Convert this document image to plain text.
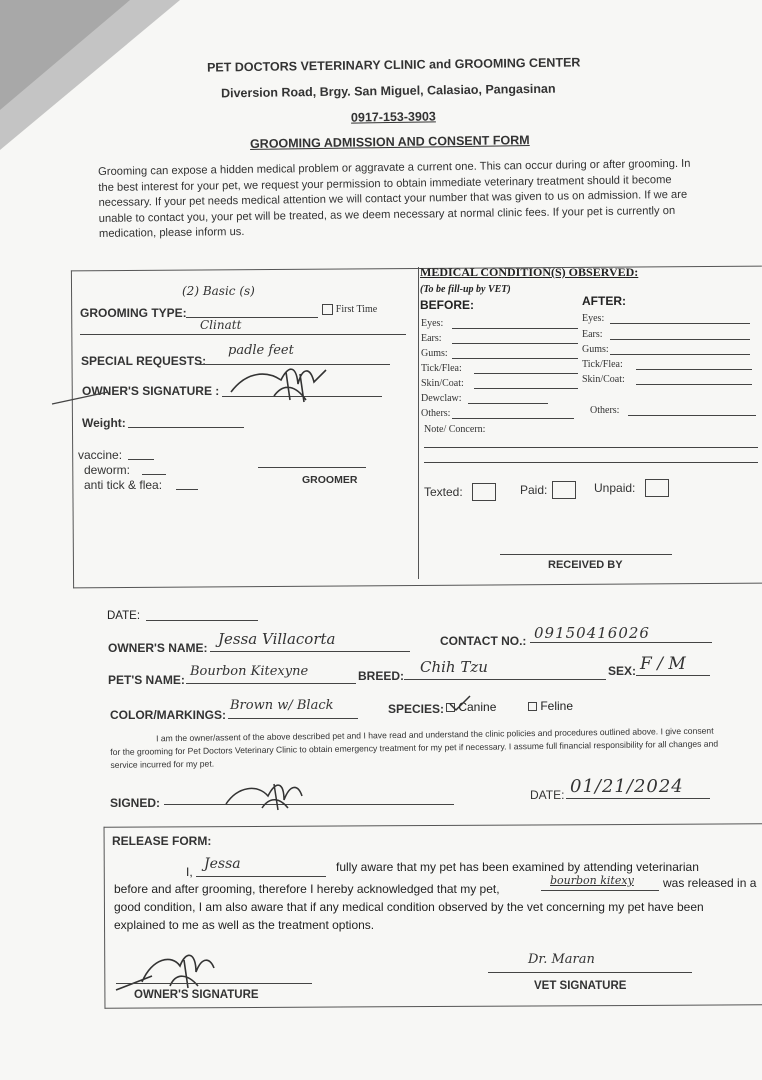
PET DOCTORS VETERINARY CLINIC and GROOMING CENTER
Diversion Road, Brgy. San Miguel, Calasiao, Pangasinan
0917-153-3903
GROOMING ADMISSION AND CONSENT FORM
Grooming can expose a hidden medical problem or aggravate a current one. This can occur during or after grooming. In the best interest for your pet, we request your permission to obtain immediate veterinary treatment should it become necessary. If your pet needs medical attention we will contact your number that was given to us on admission. If we are unable to contact you, your pet will be treated, as we deem necessary at normal clinic fees. If your pet is currently on medication, please inform us.
GROOMING TYPE:
(2) Basic (s)
First Time
Clinatt
SPECIAL REQUESTS:
padle feet
OWNER'S SIGNATURE :
Weight:
vaccine:
deworm:
anti tick & flea:	GROOMER
MEDICAL CONDITION(S) OBSERVED:
(To be fill-up by VET)
BEFORE:	AFTER:
Eyes:
Ears:
Gums:
Tick/Flea:
Skin/Coat:
Dewclaw:
Others:
Eyes:
Ears:
Gums:
Tick/Flea:
Skin/Coat:
Others:
Note/ Concern:
Texted:	Paid:	Unpaid:
RECEIVED BY
DATE:
OWNER'S NAME: Jessa Villacorta	CONTACT NO.: 09150416026
PET'S NAME:
Bourbon Kitexyne	BREED: Chih Tzu	SEX: F / M
COLOR/MARKINGS:
Brown w/ Black	SPECIES:	Canine	Feline
I am the owner/assent of the above described pet and I have read and understand the clinic policies and procedures outlined above. I give consent for the grooming for Pet Doctors Veterinary Clinic to obtain emergency treatment for my pet if necessary. I assume full financial responsibility for all changes and service incurred for my pet.
SIGNED:
DATE: 01/21/2024
RELEASE FORM:
I, Jessa	fully aware that my pet has been examined by attending veterinarian
before and after grooming, therefore I hereby acknowledged that my pet,
bourbon kitexy was released in a
good condition, I am also aware that if any medical condition observed by the vet concerning my pet have been
explained to me as well as the treatment options.
OWNER'S SIGNATURE
Dr. Maran
VET SIGNATURE
